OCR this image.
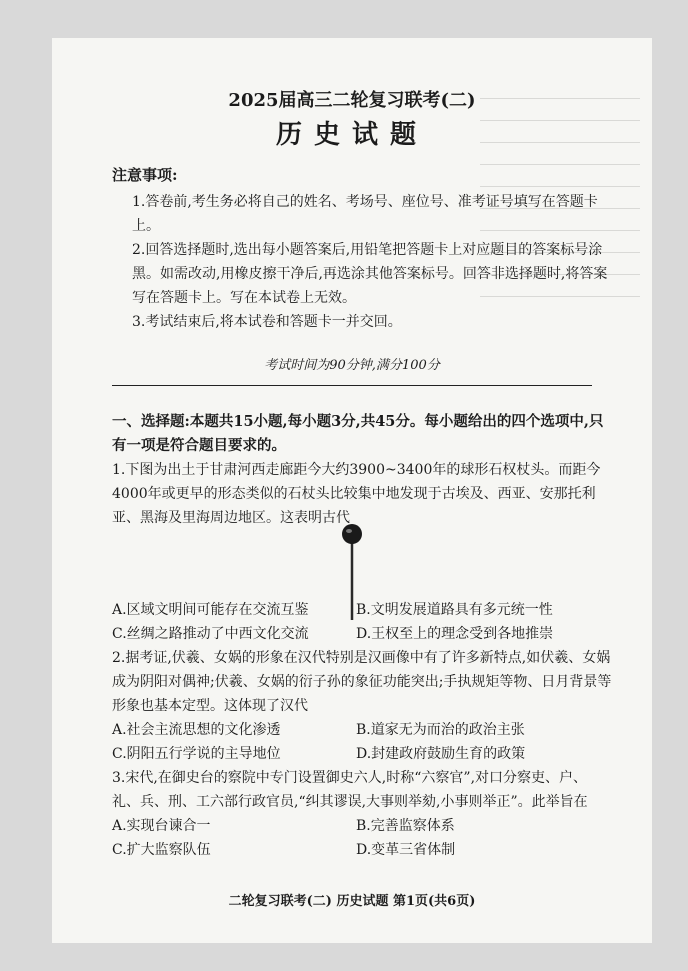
2025届高三二轮复习联考(二)
历史试题
注意事项:
1.答卷前,考生务必将自己的姓名、考场号、座位号、准考证号填写在答题卡上。
2.回答选择题时,选出每小题答案后,用铅笔把答题卡上对应题目的答案标号涂黑。如需改动,用橡皮擦干净后,再选涂其他答案标号。回答非选择题时,将答案写在答题卡上。写在本试卷上无效。
3.考试结束后,将本试卷和答题卡一并交回。
考试时间为90分钟,满分100分
一、选择题:本题共15小题,每小题3分,共45分。每小题给出的四个选项中,只有一项是符合题目要求的。
1.下图为出土于甘肃河西走廊距今大约3900~3400年的球形石权杖头。而距今4000年或更早的形态类似的石杖头比较集中地发现于古埃及、西亚、安那托利亚、黑海及里海周边地区。这表明古代
A.区域文明间可能存在交流互鉴	B.文明发展道路具有多元统一性
C.丝绸之路推动了中西文化交流	D.王权至上的理念受到各地推崇
2.据考证,伏羲、女娲的形象在汉代特别是汉画像中有了许多新特点,如伏羲、女娲成为阴阳对偶神;伏羲、女娲的衍子孙的象征功能突出;手执规矩等物、日月背景等形象也基本定型。这体现了汉代
A.社会主流思想的文化渗透	B.道家无为而治的政治主张
C.阴阳五行学说的主导地位	D.封建政府鼓励生育的政策
3.宋代,在御史台的察院中专门设置御史六人,时称“六察官”,对口分察吏、户、礼、兵、刑、工六部行政官员,“纠其谬误,大事则举劾,小事则举正”。此举旨在
A.实现台谏合一	B.完善监察体系
C.扩大监察队伍	D.变革三省体制
二轮复习联考(二) 历史试题 第1页(共6页)
